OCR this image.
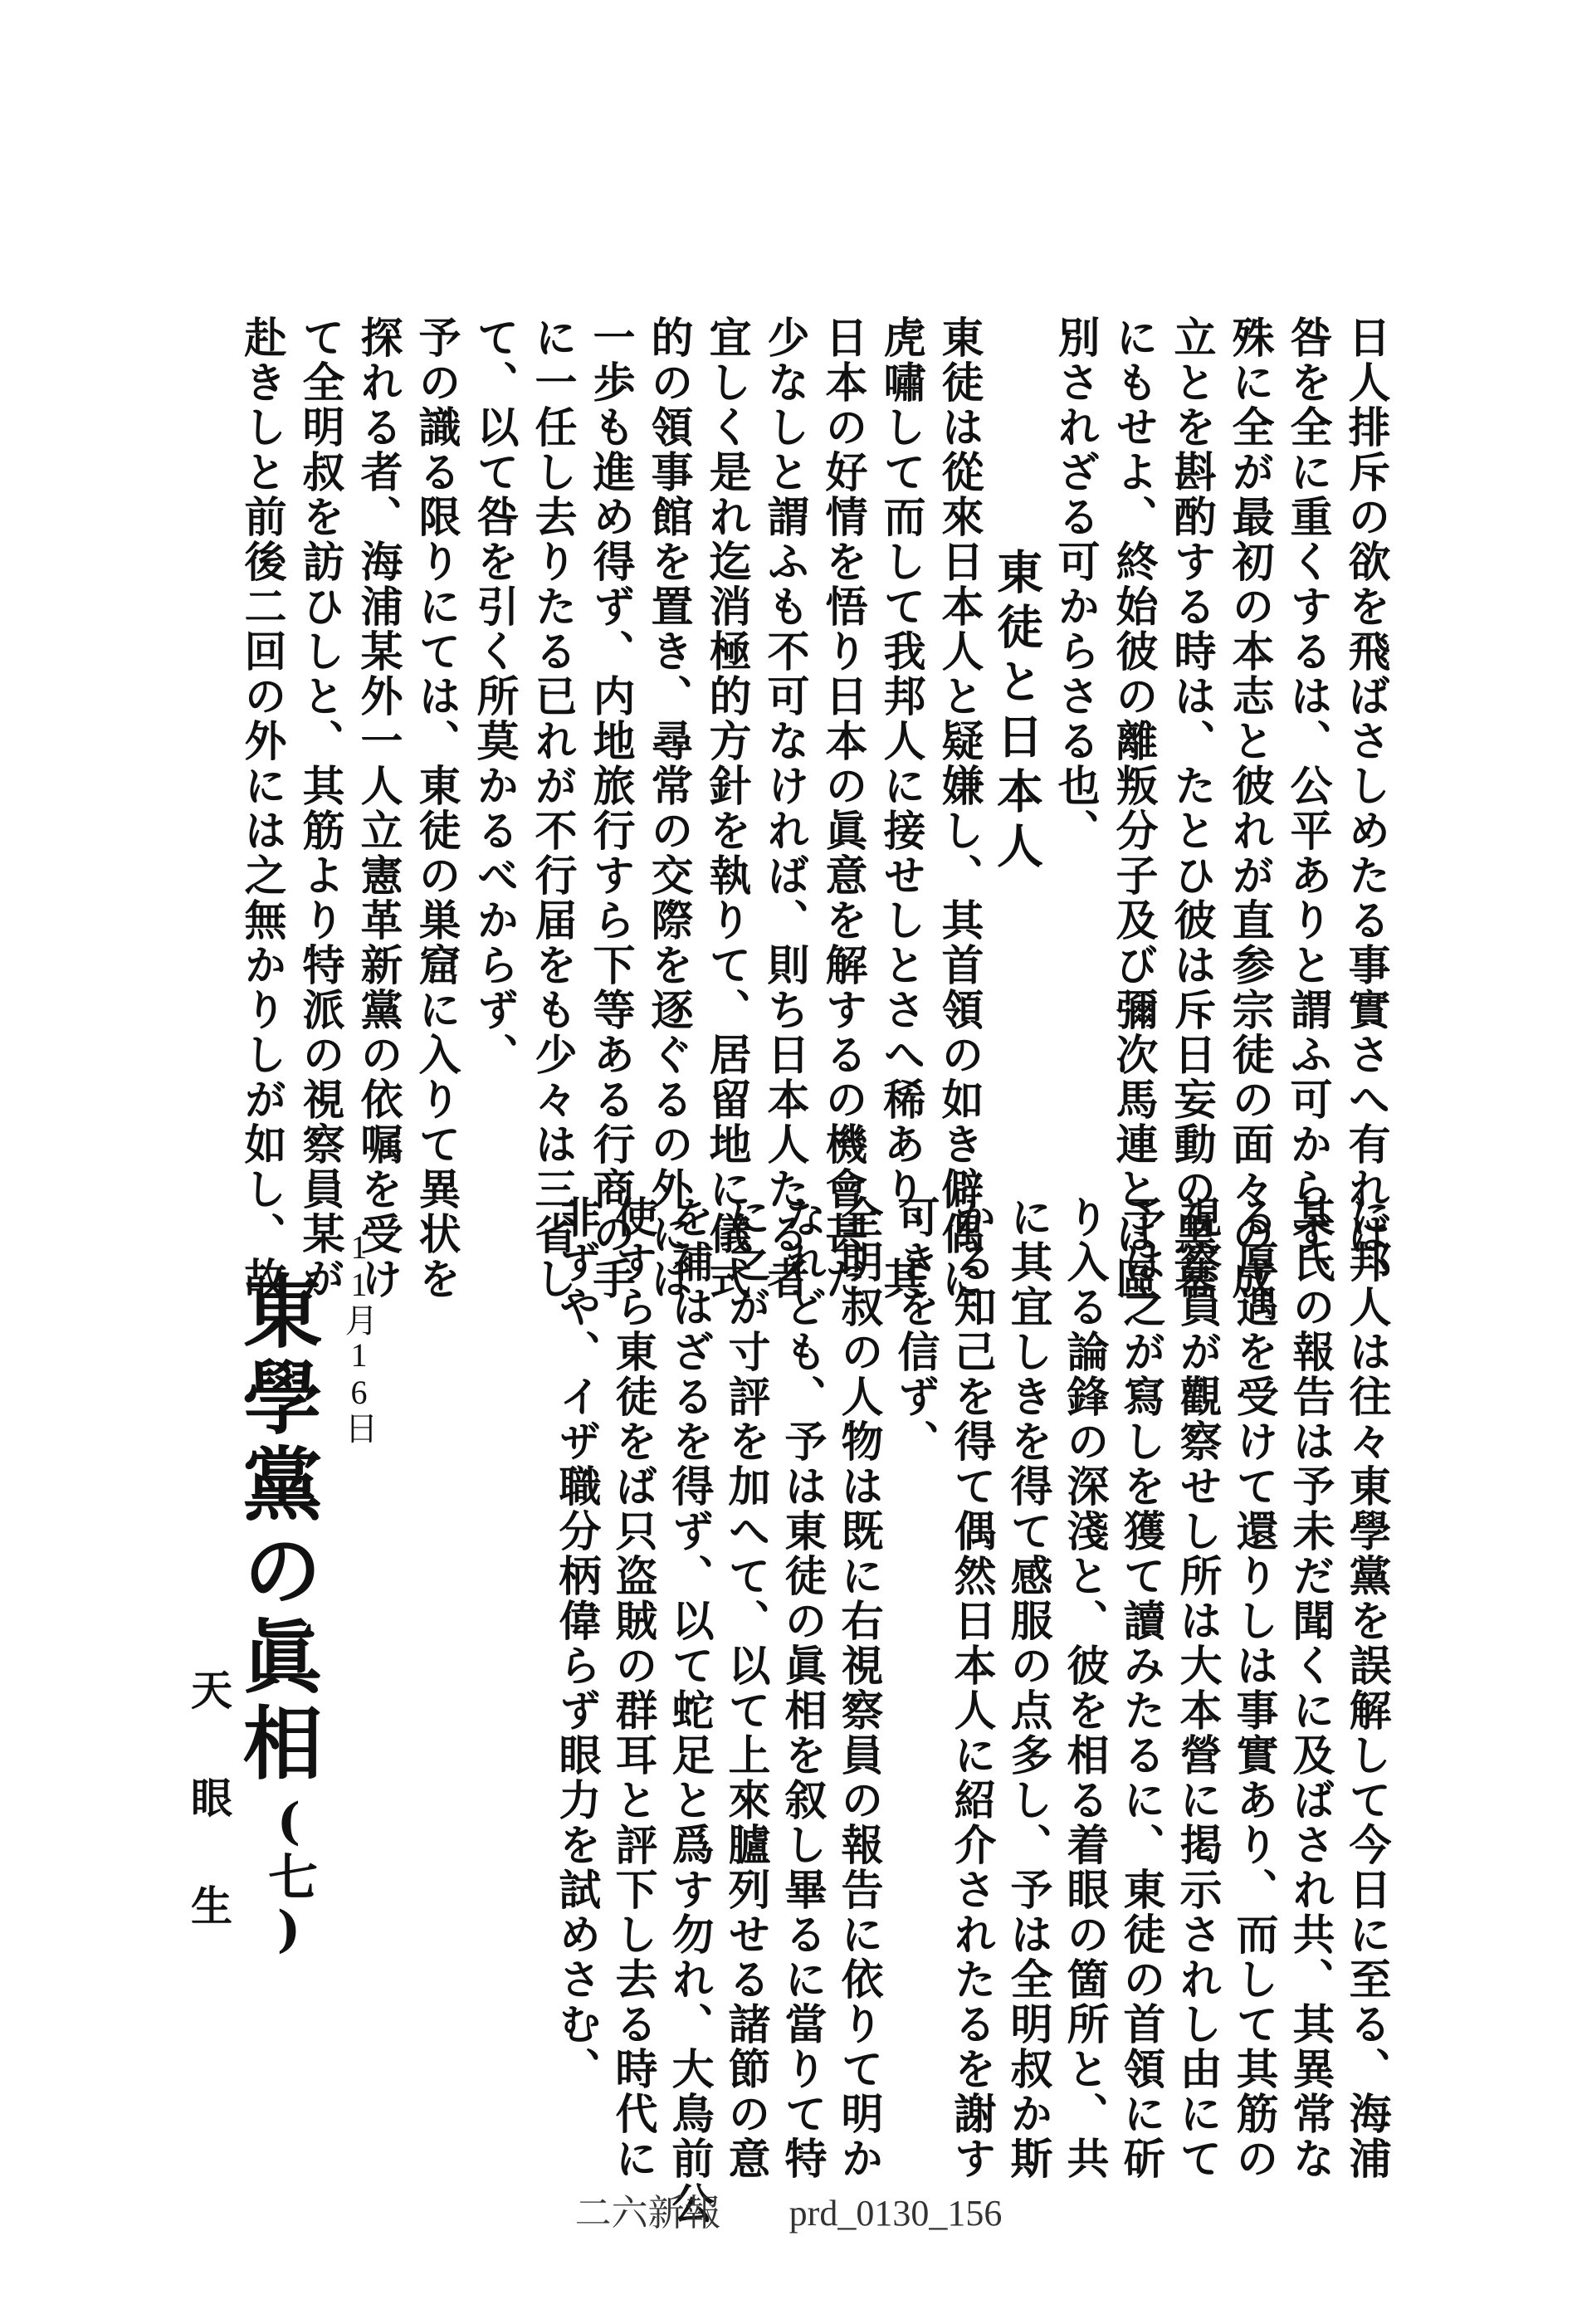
日人排斥の欲を飛ばさしめたる事實さへ有れば、
咎を全に重くするは、公平ありと謂ふ可からず、
殊に全が最初の本志と彼れが直参宗徒の面々の成
立とを斟酌する時は、たとひ彼は斥日妄動の黒幕
にもせよ、終始彼の離叛分子及び彌次馬連とは區
別されざる可からさる也、
東徒と日本人
東徒は從來日本人と疑嫌し、其首領の如き僻偶に
虎嘯して而して我邦人に接せしとさへ稀あり、其
日本の好情を悟り日本の眞意を解するの機會甚だ
少なしと謂ふも不可なければ、則ち日本人たる者
宜しく是れ迄消極的方針を執りて、居留地に儀式
的の領事館を置き、尋常の交際を逐ぐるの外には
一歩も進め得ず、内地旅行すら下等ある行商の手
に一任し去りたる已れが不行届をも少々は三省し
て、以て咎を引く所莫かるべからず、
予の識る限りにては、東徒の巣窟に入りて異状を
探れる者、海浦某外一人立憲革新黨の依嘱を受け
て全明叔を訪ひしと、其筋より特派の視察員某が
赴きしと前後二回の外には之無かりしが如し、故
に邦人は往々東學黨を誤解して今日に至る、海浦
某氏の報告は予未だ聞くに及ばされ共、其異常な
る厚遇を受けて還りしは事實あり、而して其筋の
視察員が觀察せし所は大本營に掲示されし由にて
予は之が寫しを獲て讀みたるに、東徒の首領に斫
り入る論鋒の深淺と、彼を相る着眼の箇所と、共
に其宜しきを得て感服の点多し、予は全明叔か斯
かる知己を得て偶然日本人に紹介されたるを謝す
可きを信ず、
全明叔の人物は既に右視察員の報告に依りて明か
なれども、予は東徒の眞相を叙し畢るに當りて特
に之が寸評を加へて、以て上來臚列せる諸節の意
を補はざるを得ず、以て蛇足と爲す勿れ、大鳥前公
使すら東徒をば只盗賊の群耳と評下し去る時代に
非ずや、イザ職分柄偉らず眼力を試めさむ、
東學黨の眞相
(七)
天眼生
11月16日
二六新報 prd_0130_156
